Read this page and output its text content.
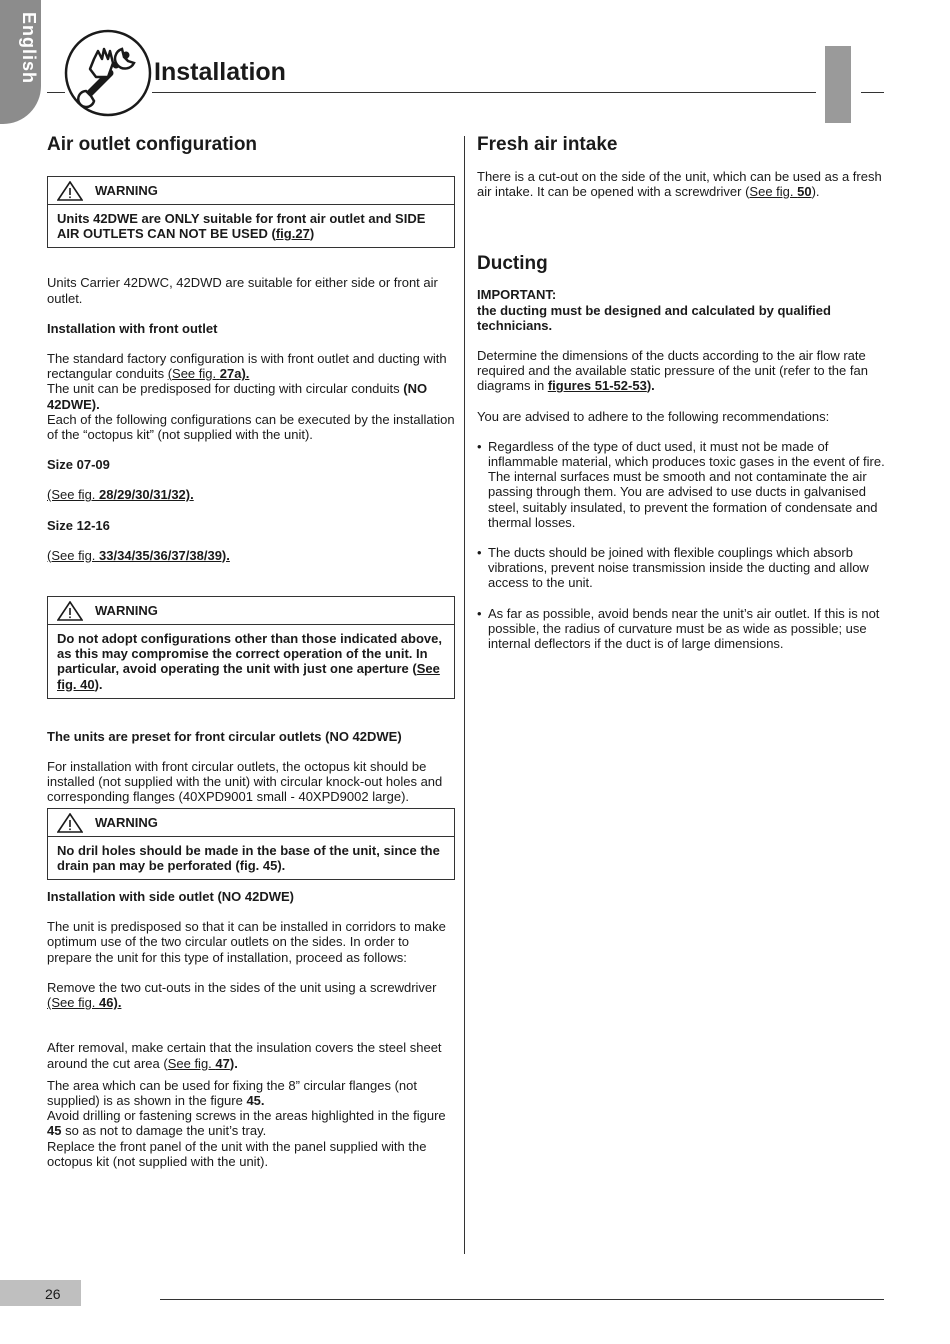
English	Installation
Air outlet configuration
WARNING
Units 42DWE are ONLY suitable for front air outlet and SIDE AIR OUTLETS CAN NOT BE USED (fig.27)

Units Carrier 42DWC, 42DWD are suitable for either side or front air outlet.

Installation with front outlet

The standard factory configuration is with front outlet and ducting with rectangular conduits (See fig. 27a).

The unit can be predisposed for ducting with circular conduits (NO 42DWE).

Each of the following configurations can be executed by the installation of the “octopus kit” (not supplied with the unit).

Size 07-09

(See fig. 28/29/30/31/32).

Size 12-16

(See fig. 33/34/35/36/37/38/39).

WARNING
Do not adopt configurations other than those indicated above, as this may compromise the correct operation of the unit. In particular, avoid operating the unit with just one aperture (See fig. 40).

The units are preset for front circular outlets (NO 42DWE)

For installation with front circular outlets, the octopus kit should be installed (not supplied with the unit) with circular knock-out holes and corresponding flanges (40XPD9001 small - 40XPD9002 large).

WARNING
No dril holes should be made in the base of the unit, since the drain pan may be perforated (fig. 45).

Installation with side outlet (NO 42DWE)

The unit is predisposed so that it can be installed in corridors to make optimum use of the two circular outlets on the sides. In order to prepare the unit for this type of installation, proceed as follows:

Remove the two cut-outs in the sides of the unit using a screwdriver (See fig. 46).

After removal, make certain that the insulation covers the steel sheet around the cut area (See fig. 47).

The area which can be used for fixing the 8” circular flanges (not supplied) is as shown in the figure 45.

Avoid drilling or fastening screws in the areas highlighted in the figure 45 so as not to damage the unit’s tray.

Replace the front panel of the unit with the panel supplied with the octopus kit (not supplied with the unit).

Fresh air intake

There is a cut-out on the side of the unit, which can be used as a fresh air intake. It can be opened with a screwdriver (See fig. 50).

Ducting

IMPORTANT:

the ducting must be designed and calculated by qualified technicians.

Determine the dimensions of the ducts according to the air flow rate required and the available static pressure of the unit (refer to the fan diagrams in figures 51-52-53).

You are advised to adhere to the following recommendations:

• Regardless of the type of duct used, it must not be made of inflammable material, which produces toxic gases in the event of fire. The internal surfaces must be smooth and not contaminate the air passing through them. You are advised to use ducts in galvanised steel, suitably insulated, to prevent the formation of condensate and thermal losses.
• The ducts should be joined with flexible couplings which absorb vibrations, prevent noise transmission inside the ducting and allow access to the unit.
• As far as possible, avoid bends near the unit’s air outlet. If this is not possible, the radius of curvature must be as wide as possible; use internal deflectors if the duct is of large dimensions.
26
